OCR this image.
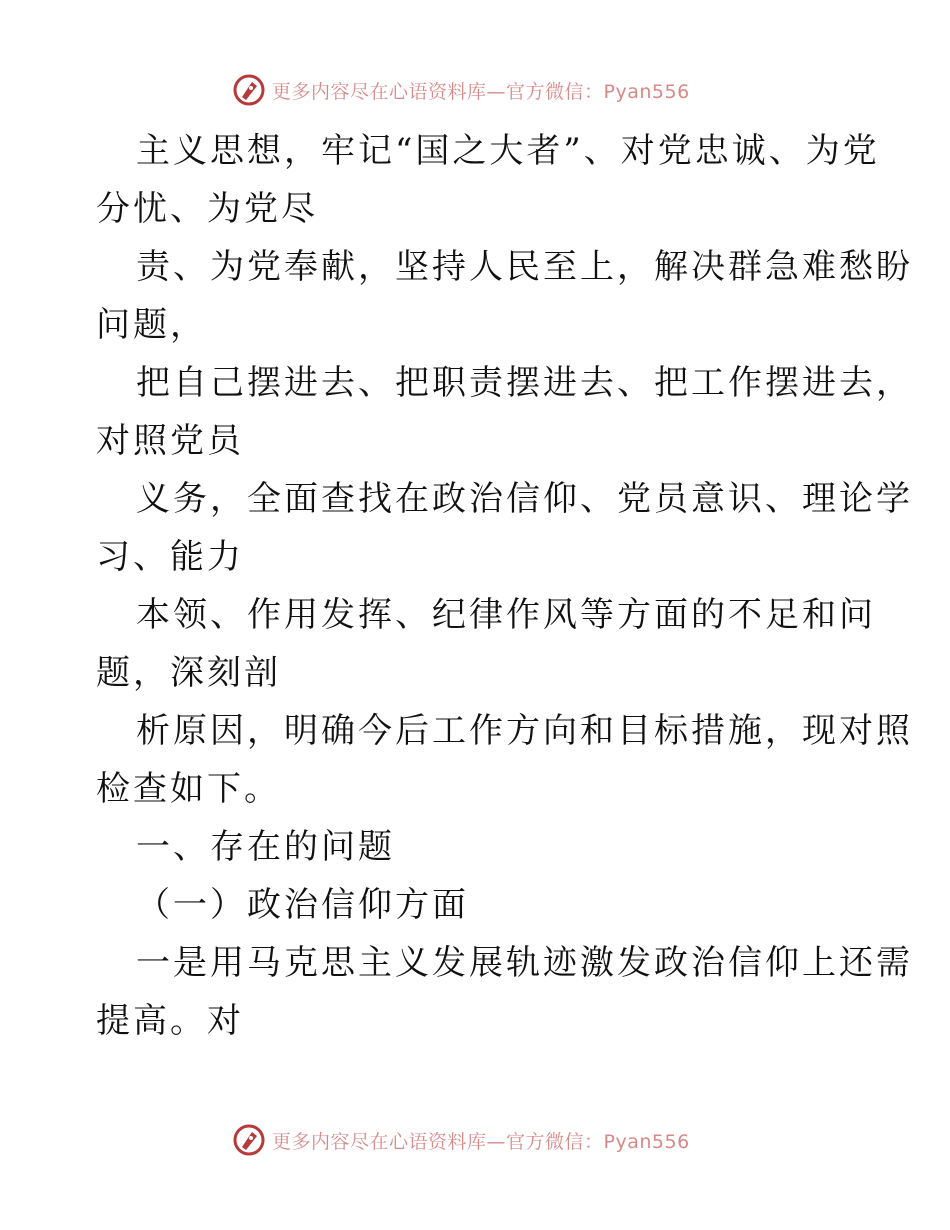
更多内容尽在心语资料库—官方微信：Pyan556
主义思想，牢记“国之大者”、对党忠诚、为党
分忧、为党尽
责、为党奉献，坚持人民至上，解决群急难愁盼
问题，
把自己摆进去、把职责摆进去、把工作摆进去，
对照党员
义务，全面查找在政治信仰、党员意识、理论学
习、能力
本领、作用发挥、纪律作风等方面的不足和问
题，深刻剖
析原因，明确今后工作方向和目标措施，现对照
检查如下。
一、存在的问题
（一）政治信仰方面
一是用马克思主义发展轨迹激发政治信仰上还需
提高。对
更多内容尽在心语资料库—官方微信：Pyan556
